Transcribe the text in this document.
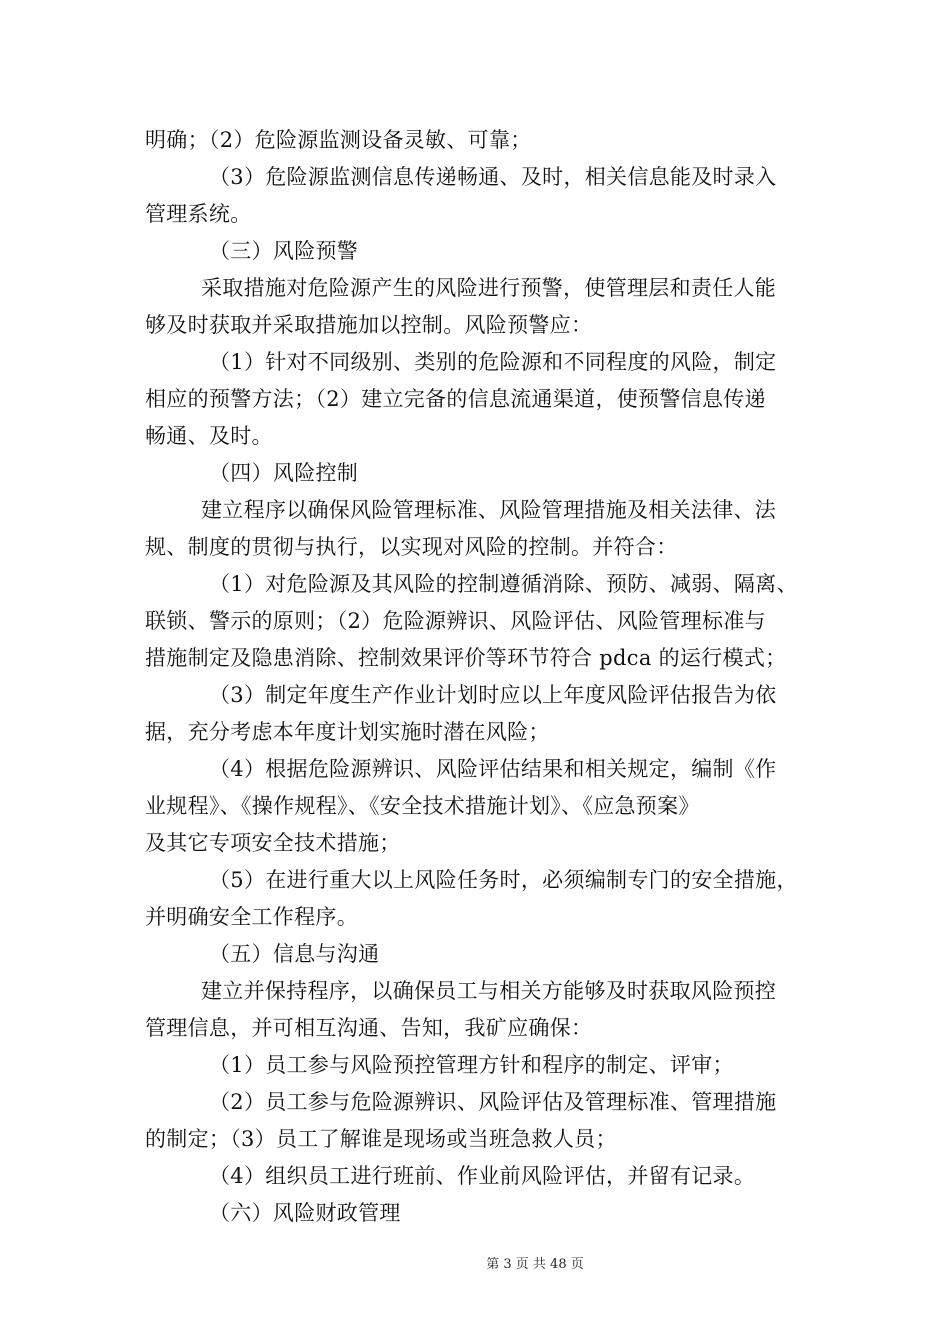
明确；（2）危险源监测设备灵敏、可靠；
（3）危险源监测信息传递畅通、及时，相关信息能及时录入
管理系统。
（三）风险预警
采取措施对危险源产生的风险进行预警，使管理层和责任人能
够及时获取并采取措施加以控制。风险预警应：
（1）针对不同级别、类别的危险源和不同程度的风险，制定
相应的预警方法；（2）建立完备的信息流通渠道，使预警信息传递
畅通、及时。
（四）风险控制
建立程序以确保风险管理标准、风险管理措施及相关法律、法
规、制度的贯彻与执行，以实现对风险的控制。并符合：
（1）对危险源及其风险的控制遵循消除、预防、减弱、隔离、
联锁、警示的原则；（2）危险源辨识、风险评估、风险管理标准与
措施制定及隐患消除、控制效果评价等环节符合 pdca 的运行模式；
（3）制定年度生产作业计划时应以上年度风险评估报告为依
据，充分考虑本年度计划实施时潜在风险；
（4）根据危险源辨识、风险评估结果和相关规定，编制《作
业规程》、《操作规程》、《安全技术措施计划》、《应急预案》
及其它专项安全技术措施；
（5）在进行重大以上风险任务时，必须编制专门的安全措施，
并明确安全工作程序。
（五）信息与沟通
建立并保持程序，以确保员工与相关方能够及时获取风险预控
管理信息，并可相互沟通、告知，我矿应确保：
（1）员工参与风险预控管理方针和程序的制定、评审；
（2）员工参与危险源辨识、风险评估及管理标准、管理措施
的制定；（3）员工了解谁是现场或当班急救人员；
（4）组织员工进行班前、作业前风险评估，并留有记录。
（六）风险财政管理
第 3 页 共 48 页
